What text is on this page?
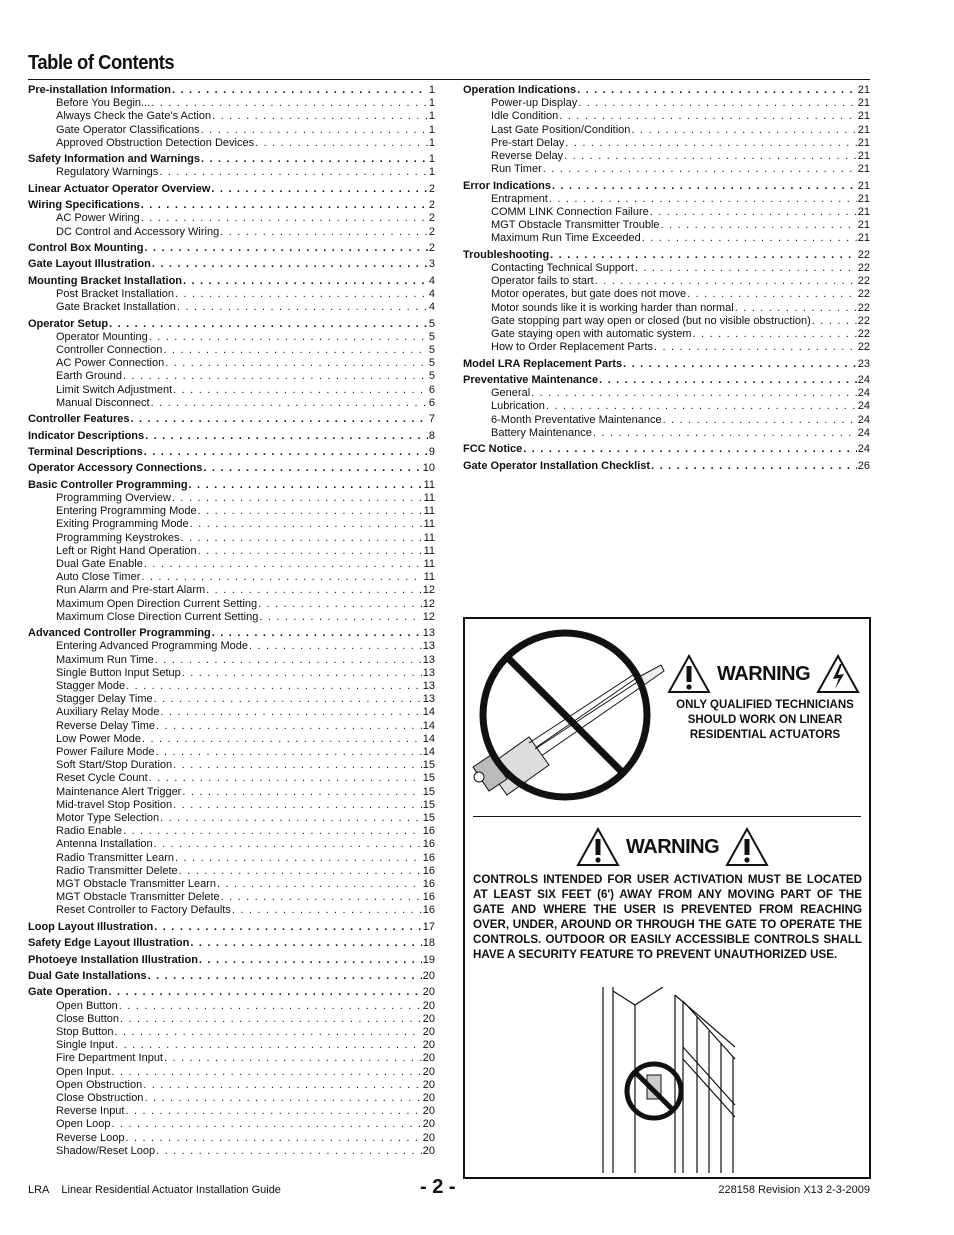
Table of Contents
Pre-installation Information . . .	1
Before You Begin... . . .	1
Always Check the Gate’s Action . . .	1
Gate Operator Classifications . . .	1
Approved Obstruction Detection Devices . . .	1
Safety Information and Warnings . . .	1
Regulatory Warnings . . .	1
Linear Actuator Operator Overview . . .	2
Wiring Specifications . . .	2
AC Power Wiring . . .	2
DC Control and Accessory Wiring . . .	2
Control Box Mounting . . .	2
Gate Layout Illustration . . .	3
Mounting Bracket Installation . . .	4
Post Bracket Installation . . .	4
Gate Bracket Installation . . .	4
Operator Setup . . .	5
Operator Mounting . . .	5
Controller Connection . . .	5
AC Power Connection . . .	5
Earth Ground . . .	5
Limit Switch Adjustment . . .	6
Manual Disconnect . . .	6
Controller Features . . .	7
Indicator Descriptions . . .	8
Terminal Descriptions . . .	9
Operator Accessory Connections . . .	10
Basic Controller Programming . . .	11
Programming Overview . . .	11
Entering Programming Mode . . .	11
Exiting Programming Mode . . .	11
Programming Keystrokes . . .	11
Left or Right Hand Operation . . .	11
Dual Gate Enable . . .	11
Auto Close Timer . . .	11
Run Alarm and Pre-start Alarm . . .	12
Maximum Open Direction Current Setting . . .	12
Maximum Close Direction Current Setting . . .	12
Advanced Controller Programming . . .	13
Entering Advanced Programming Mode . . .	13
Maximum Run Time . . .	13
Single Button Input Setup . . .	13
Stagger Mode . . .	13
Stagger Delay Time . . .	13
Auxiliary Relay Mode . . .	14
Reverse Delay Time . . .	14
Low Power Mode . . .	14
Power Failure Mode . . .	14
Soft Start/Stop Duration . . .	15
Reset Cycle Count . . .	15
Maintenance Alert Trigger . . .	15
Mid-travel Stop Position . . .	15
Motor Type Selection . . .	15
Radio Enable . . .	16
Antenna Installation . . .	16
Radio Transmitter Learn . . .	16
Radio Transmitter Delete . . .	16
MGT Obstacle Transmitter Learn . . .	16
MGT Obstacle Transmitter Delete . . .	16
Reset Controller to Factory Defaults . . .	16
Loop Layout Illustration . . .	17
Safety Edge Layout Illustration . . .	18
Photoeye Installation Illustration . . .	19
Dual Gate Installations . . .	20
Gate Operation . . .	20
Open Button . . .	20
Close Button . . .	20
Stop Button . . .	20
Single Input . . .	20
Fire Department Input . . .	20
Open Input . . .	20
Open Obstruction . . .	20
Close Obstruction . . .	20
Reverse Input . . .	20
Open Loop . . .	20
Reverse Loop . . .	20
Shadow/Reset Loop . . .	20
Operation Indications . . .	21
Power-up Display . . .	21
Idle Condition . . .	21
Last Gate Position/Condition . . .	21
Pre-start Delay . . .	21
Reverse Delay . . .	21
Run Timer . . .	21
Error Indications . . .	21
Entrapment . . .	21
COMM LINK Connection Failure . . .	21
MGT Obstacle Transmitter Trouble . . .	21
Maximum Run Time Exceeded . . .	21
Troubleshooting . . .	22
Contacting Technical Support . . .	22
Operator fails to start . . .	22
Motor operates, but gate does not move . . .	22
Motor sounds like it is working harder than normal . . .	22
Gate stopping part way open or closed (but no visible obstruction) . . .	22
Gate staying open with automatic system . . .	22
How to Order Replacement Parts . . .	22
Model LRA Replacement Parts . . .	23
Preventative Maintenance . . .	24
General . . .	24
Lubrication . . .	24
6-Month Preventative Maintenance . . .	24
Battery Maintenance . . .	24
FCC Notice . . .	24
Gate Operator Installation Checklist . . .	26
WARNING
ONLY QUALIFIED TECHNICIANS SHOULD WORK ON LINEAR RESIDENTIAL ACTUATORS
WARNING
CONTROLS INTENDED FOR USER ACTIVATION MUST BE LOCATED AT LEAST SIX FEET (6') AWAY FROM ANY MOVING PART OF THE GATE AND WHERE THE USER IS PREVENTED FROM REACHING OVER, UNDER, AROUND OR THROUGH THE GATE TO OPERATE THE CONTROLS. OUTDOOR OR EASILY ACCESSIBLE CONTROLS SHALL HAVE A SECURITY FEATURE TO PREVENT UNAUTHORIZED USE.
LRA Linear Residential Actuator Installation Guide	- 2 -	228158 Revision X13 2-3-2009
